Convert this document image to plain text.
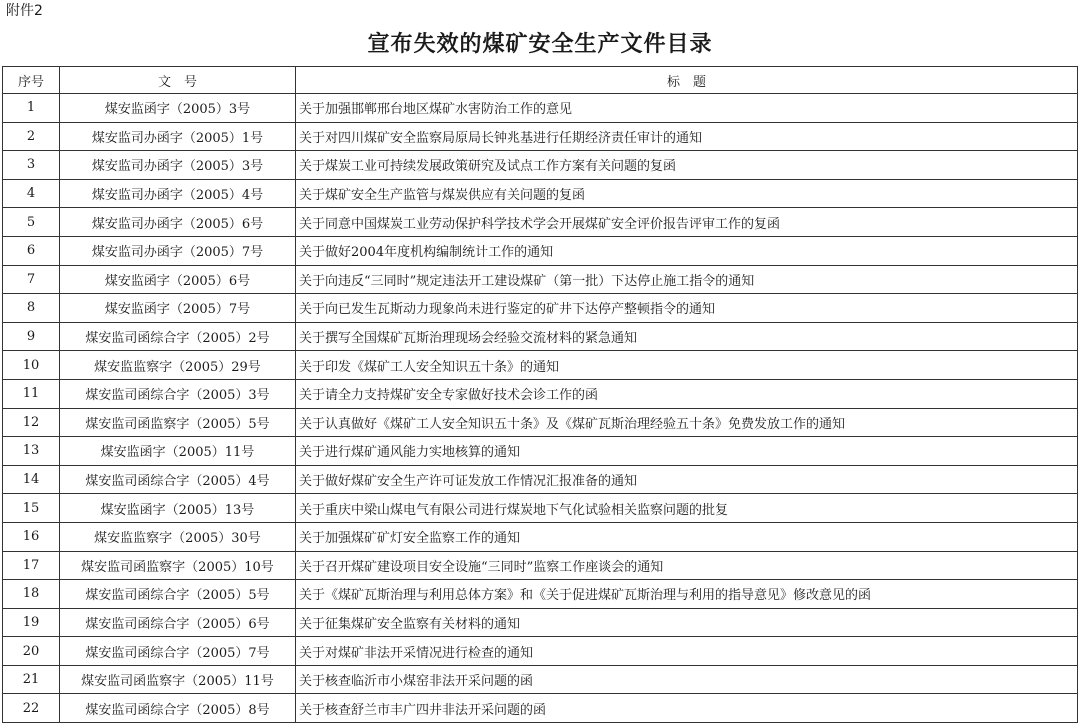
附件2
宣布失效的煤矿安全生产文件目录
序号	文　号	标　题
1	煤安监函字（2005）3号	关于加强邯郸邢台地区煤矿水害防治工作的意见
2	煤安监司办函字（2005）1号	关于对四川煤矿安全监察局原局长钟兆基进行任期经济责任审计的通知
3	煤安监司办函字（2005）3号	关于煤炭工业可持续发展政策研究及试点工作方案有关问题的复函
4	煤安监司办函字（2005）4号	关于煤矿安全生产监管与煤炭供应有关问题的复函
5	煤安监司办函字（2005）6号	关于同意中国煤炭工业劳动保护科学技术学会开展煤矿安全评价报告评审工作的复函
6	煤安监司办函字（2005）7号	关于做好2004年度机构编制统计工作的通知
7	煤安监函字（2005）6号	关于向违反“三同时”规定违法开工建设煤矿（第一批）下达停止施工指令的通知
8	煤安监函字（2005）7号	关于向已发生瓦斯动力现象尚未进行鉴定的矿井下达停产整顿指令的通知
9	煤安监司函综合字（2005）2号	关于撰写全国煤矿瓦斯治理现场会经验交流材料的紧急通知
10	煤安监监察字（2005）29号	关于印发《煤矿工人安全知识五十条》的通知
11	煤安监司函综合字（2005）3号	关于请全力支持煤矿安全专家做好技术会诊工作的函
12	煤安监司函监察字（2005）5号	关于认真做好《煤矿工人安全知识五十条》及《煤矿瓦斯治理经验五十条》免费发放工作的通知
13	煤安监函字（2005）11号	关于进行煤矿通风能力实地核算的通知
14	煤安监司函综合字（2005）4号	关于做好煤矿安全生产许可证发放工作情况汇报准备的通知
15	煤安监函字（2005）13号	关于重庆中梁山煤电气有限公司进行煤炭地下气化试验相关监察问题的批复
16	煤安监监察字（2005）30号	关于加强煤矿矿灯安全监察工作的通知
17	煤安监司函监察字（2005）10号	关于召开煤矿建设项目安全设施“三同时”监察工作座谈会的通知
18	煤安监司函综合字（2005）5号	关于《煤矿瓦斯治理与利用总体方案》和《关于促进煤矿瓦斯治理与利用的指导意见》修改意见的函
19	煤安监司函综合字（2005）6号	关于征集煤矿安全监察有关材料的通知
20	煤安监司函综合字（2005）7号	关于对煤矿非法开采情况进行检查的通知
21	煤安监司函监察字（2005）11号	关于核查临沂市小煤窑非法开采问题的函
22	煤安监司函综合字（2005）8号	关于核查舒兰市丰广四井非法开采问题的函
